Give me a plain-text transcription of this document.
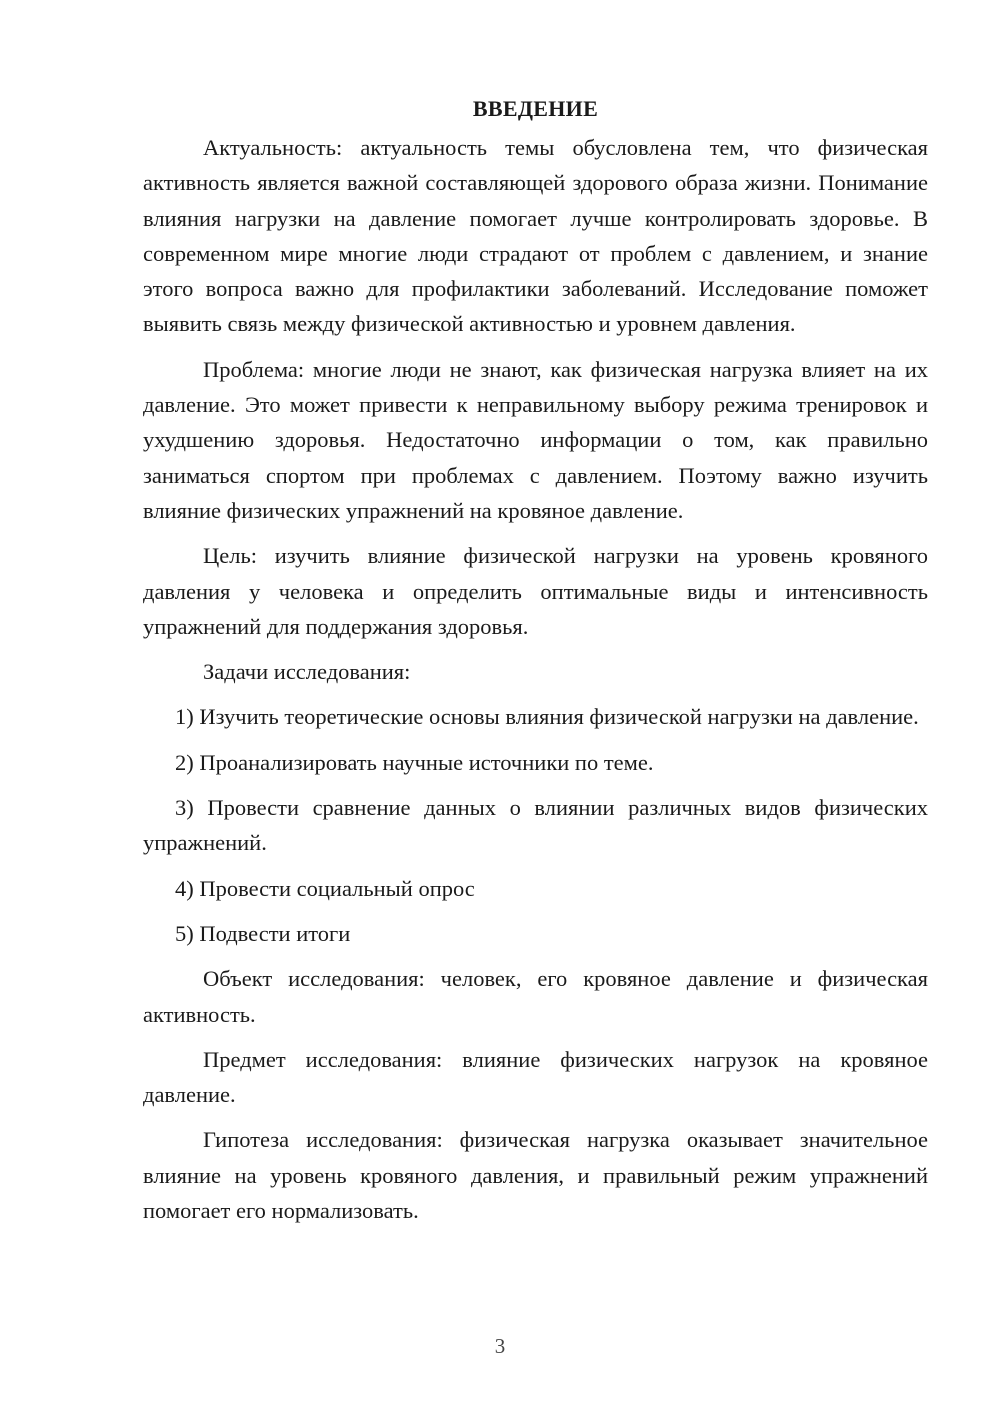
ВВЕДЕНИЕ

Актуальность: актуальность темы обусловлена тем, что физическая активность является важной составляющей здорового образа жизни. Понимание влияния нагрузки на давление помогает лучше контролировать здоровье. В современном мире многие люди страдают от проблем с давлением, и знание этого вопроса важно для профилактики заболеваний. Исследование поможет выявить связь между физической активностью и уровнем давления.

Проблема: многие люди не знают, как физическая нагрузка влияет на их давление. Это может привести к неправильному выбору режима тренировок и ухудшению здоровья. Недостаточно информации о том, как правильно заниматься спортом при проблемах с давлением. Поэтому важно изучить влияние физических упражнений на кровяное давление.

Цель: изучить влияние физической нагрузки на уровень кровяного давления у человека и определить оптимальные виды и интенсивность упражнений для поддержания здоровья.

Задачи исследования:

1) Изучить теоретические основы влияния физической нагрузки на давление.

2) Проанализировать научные источники по теме.

3) Провести сравнение данных о влиянии различных видов физических упражнений.

4) Провести социальный опрос

5) Подвести итоги

Объект исследования: человек, его кровяное давление и физическая активность.

Предмет исследования: влияние физических нагрузок на кровяное давление.

Гипотеза исследования: физическая нагрузка оказывает значительное влияние на уровень кровяного давления, и правильный режим упражнений помогает его нормализовать.

3
